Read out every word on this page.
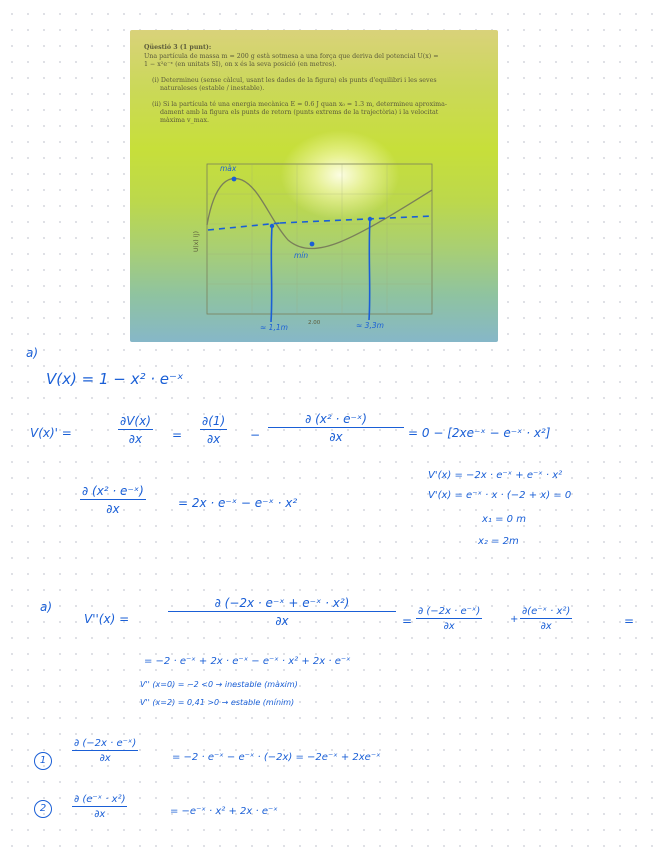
Qüestió 3 (1 punt):
Una partícula de massa m = 200 g està sotmesa a una força que deriva del potencial U(x) =
1 − x²e⁻ˣ (en unitats SI), on x és la seva posició (en metres).
(i) Determineu (sense càlcul, usant les dades de la figura) els punts d'equilibri i les seves
naturaleses (estable / inestable).
(ii) Si la partícula té una energia mecànica E = 0.6 J quan x₀ = 1.3 m, determineu aproxima-
dament amb la figura els punts de retorn (punts extrems de la trajectòria) i la velocitat
màxima v_max.
màx
mín
U(x) (J)
2.00
≈ 1,1m	≈ 3,3m
a)
V(x) = 1 − x² · e⁻ˣ
V(x)' =	$\frac{\partial V(x)}{\partial x} = \frac{\partial(1)}{\partial x} - \frac{\text{∂ (x² · e⁻ˣ)}}{\partial x} = 0$ − [2xe⁻ˣ − e⁻ˣ · x²]
$\frac{\text{∂ (x² · e⁻ˣ)}}{\partial x}$	= 2x · e⁻ˣ − e⁻ˣ · x²
V'(x) = −2x · e⁻ˣ + e⁻ˣ · x²
V'(x) = e⁻ˣ · x · (−2 + x) = 0
x₁ = 0 m
x₂ = 2m
a)
V''(x) =	$\frac{\text{∂ (−2x · e⁻ˣ + e⁻ˣ · x²)}}{\partial x} = \frac{\text{∂ (−2x · e⁻ˣ)}}{\partial x}$	+ $\frac{\text{∂(e⁻ˣ · x²)}}{\partial x}$	=
= −2 · e⁻ˣ + 2x · e⁻ˣ − e⁻ˣ · x² + 2x · e⁻ˣ
V'' (x=0) = −2 <0 → inestable (màxim)
V'' (x=2) = 0,41 >0 → estable (mínim)
1	$\frac{\text{∂ (−2x · e⁻ˣ)}}{\partial x}$	= −2 · e⁻ˣ − e⁻ˣ · (−2x) = −2e⁻ˣ + 2xe⁻ˣ
2	$\frac{\text{∂ (e⁻ˣ · x²)}}{\partial x}$	= −e⁻ˣ · x² + 2x · e⁻ˣ
